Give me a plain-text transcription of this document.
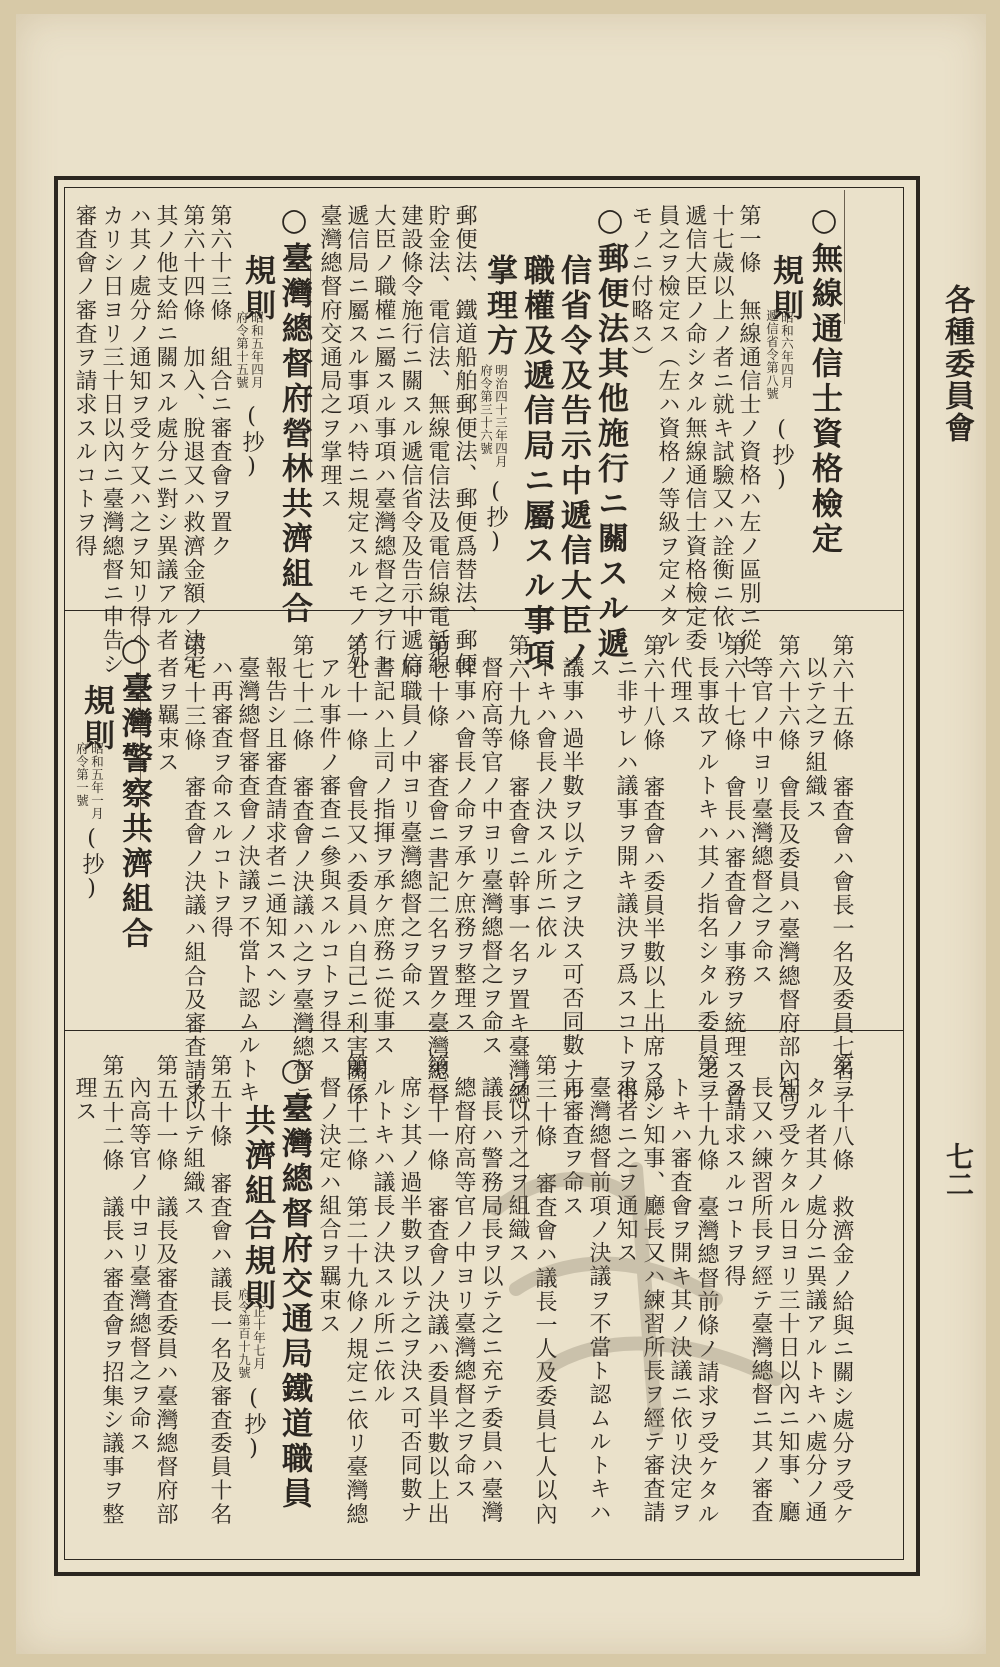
各種委員會
七二
○無線通信士資格檢定
規則
昭和六年四月
遞信省令第八號
(抄)
第一條　無線通信士ノ資格ハ左ノ區別ニ從ヒ
十七歲以上ノ者ニ就キ試驗又ハ詮衡ニ依リ
遞信大臣ノ命シタル無線通信士資格檢定委
員之ヲ檢定ス（左ハ資格ノ等級ヲ定メタル
モノニ付略ス）
○郵便法其他施行ニ關スル遞
信省令及告示中遞信大臣ノ
職權及遞信局ニ屬スル事項
掌理方
明治四十三年四月
府令第三十六號
(抄)
郵便法、鐵道船舶郵便法、郵便爲替法、郵便
貯金法、電信法、無線電信法及電信線電話線
建設條令施行ニ關スル遞信省令及告示中遞信
大臣ノ職權ニ屬スル事項ハ臺灣總督之ヲ行ヒ
遞信局ニ屬スル事項ハ特ニ規定スルモノノ外
臺灣總督府交通局之ヲ掌理ス
○臺灣總督府營林共濟組合
規則
昭和五年四月
府令第十五號
(抄)
第六十三條　組合ニ審査會ヲ置ク
第六十四條　加入、脫退又ハ救濟金額ノ決定
其ノ他支給ニ關スル處分ニ對シ異議アル者
ハ其ノ處分ノ通知ヲ受ケ又ハ之ヲ知リ得ヘ
カリシ日ヨリ三十日以內ニ臺灣總督ニ申告シ
審査會ノ審査ヲ請求スルコトヲ得
第六十五條　審査會ハ會長一名及委員七名ヲ
以テ之ヲ組織ス
第六十六條　會長及委員ハ臺灣總督府部內高
等官ノ中ヨリ臺灣總督之ヲ命ス
第六十七條　會長ハ審査會ノ事務ヲ統理ス會
長事故アルトキハ其ノ指名シタル委員之ヲ
代理ス
第六十八條　審査會ハ委員半數以上出席スル
ニ非サレハ議事ヲ開キ議決ヲ爲スコトヲ得
ス
議事ハ過半數ヲ以テ之ヲ決ス可否同數ナル
トキハ會長ノ決スル所ニ依ル
第六十九條　審査會ニ幹事一名ヲ置キ臺灣總
督府高等官ノ中ヨリ臺灣總督之ヲ命ス
幹事ハ會長ノ命ヲ承ケ庶務ヲ整理ス
第七十條　審査會ニ書記二名ヲ置ク臺灣總督
府職員ノ中ヨリ臺灣總督之ヲ命ス
書記ハ上司ノ指揮ヲ承ケ庶務ニ從事ス
第七十一條　會長又ハ委員ハ自己ニ利害關係
アル事件ノ審査ニ參與スルコトヲ得ス
第七十二條　審査會ノ決議ハ之ヲ臺灣總督ニ
報告シ且審査請求者ニ通知スヘシ
臺灣總督審査會ノ決議ヲ不當ト認ムルトキ
ハ再審査ヲ命スルコトヲ得
第七十三條　審査會ノ決議ハ組合及審査請求
者ヲ羈束ス
○臺灣警察共濟組合
規則
昭和五年一月
府令第一號
(抄)
第二十八條　救濟金ノ給與ニ關シ處分ヲ受ケ
タル者其ノ處分ニ異議アルトキハ處分ノ通
知ヲ受ケタル日ヨリ三十日以內ニ知事、廳
長又ハ練習所長ヲ經テ臺灣總督ニ其ノ審査
ヲ請求スルコトヲ得
第二十九條　臺灣總督前條ノ請求ヲ受ケタル
トキハ審査會ヲ開キ其ノ決議ニ依リ決定ヲ
爲シ知事、廳長又ハ練習所長ヲ經テ審査請
求者ニ之ヲ通知ス
臺灣總督前項ノ決議ヲ不當ト認ムルトキハ
再審査ヲ命ス
第三十條　審査會ハ議長一人及委員七人以內
ヲ以テ之ヲ組織ス
議長ハ警務局長ヲ以テ之ニ充テ委員ハ臺灣
總督府高等官ノ中ヨリ臺灣總督之ヲ命ス
第三十一條　審査會ノ決議ハ委員半數以上出
席シ其ノ過半數ヲ以テ之ヲ決ス可否同數ナ
ルトキハ議長ノ決スル所ニ依ル
第三十二條　第二十九條ノ規定ニ依リ臺灣總
督ノ決定ハ組合ヲ羈束ス
○臺灣總督府交通局鐵道職員
共濟組合規則
大正十年七月
府令第百十九號
(抄)
第五十條　審査會ハ議長一名及審査委員十名
ヲ以テ組織ス
第五十一條　議長及審査委員ハ臺灣總督府部
內高等官ノ中ヨリ臺灣總督之ヲ命ス
第五十二條　議長ハ審査會ヲ招集シ議事ヲ整
理ス
